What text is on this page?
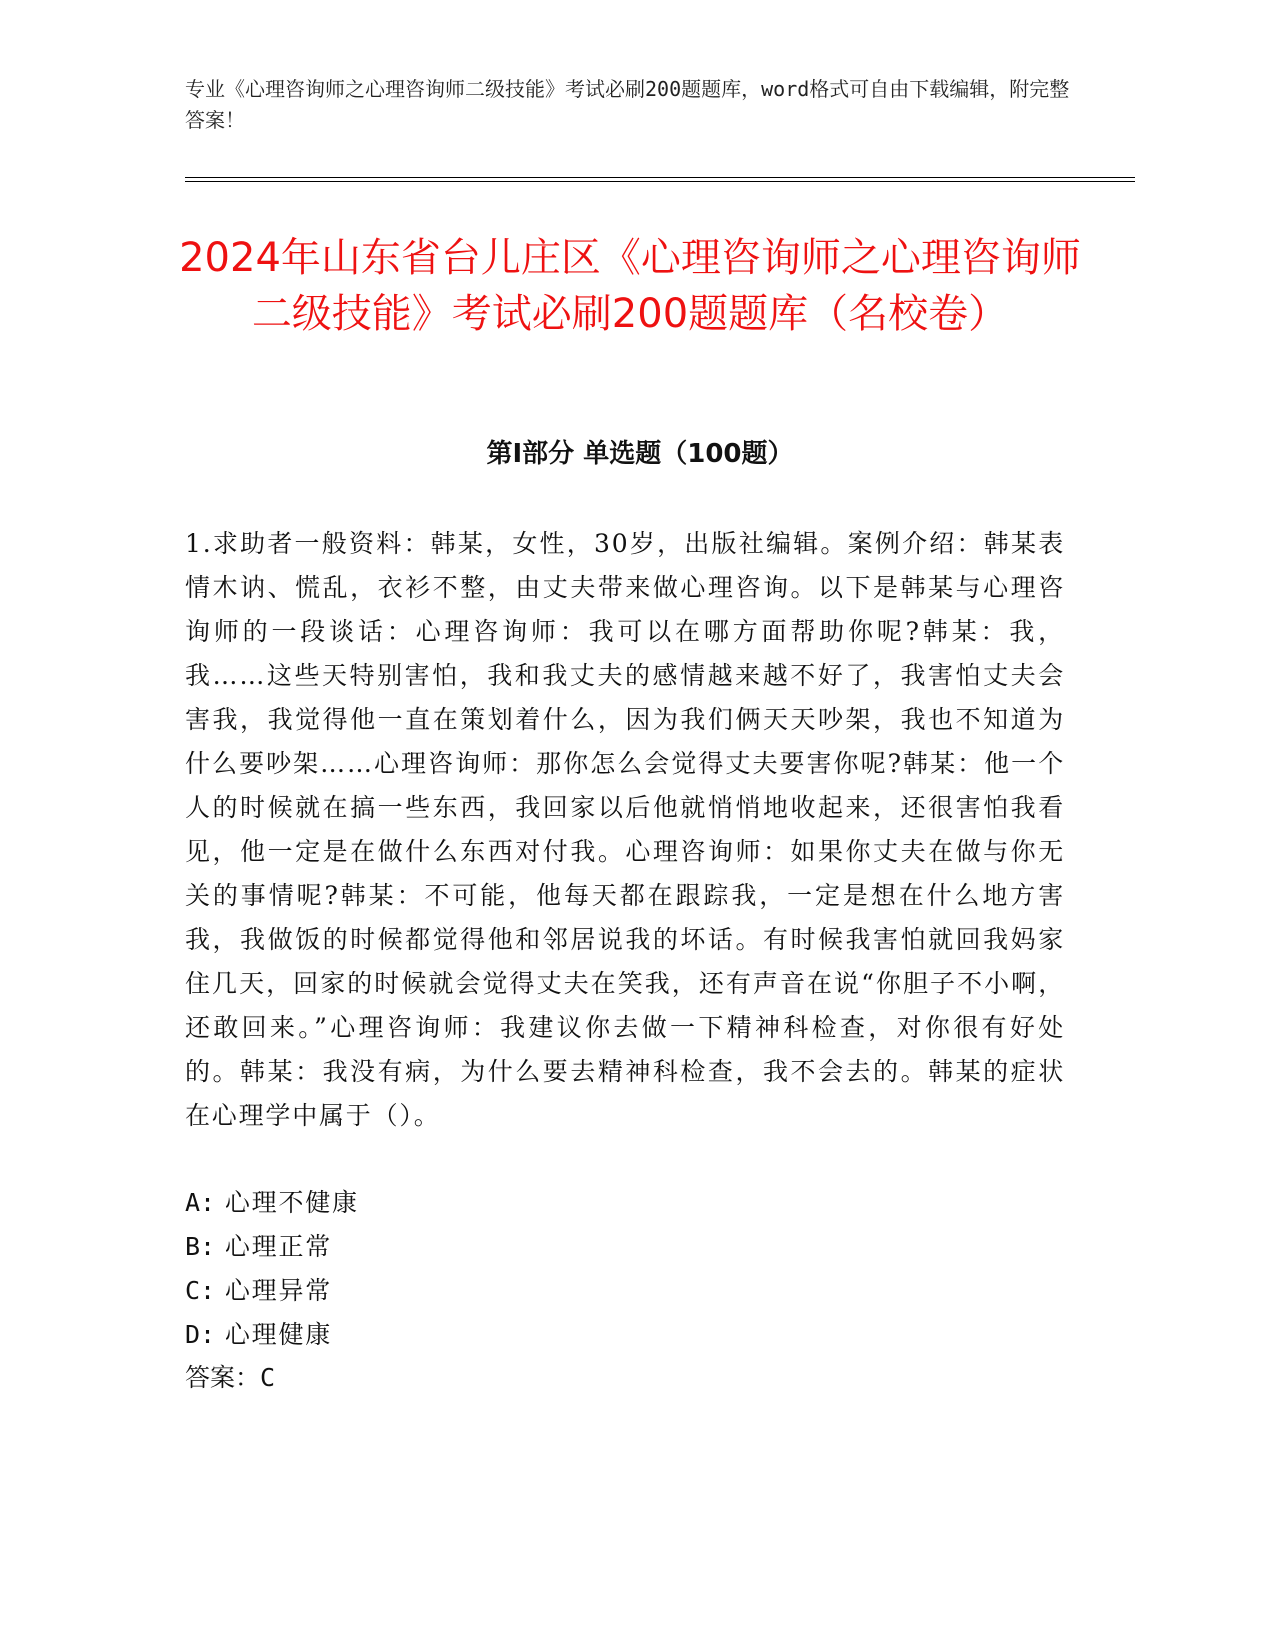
专业《心理咨询师之心理咨询师二级技能》考试必刷200题题库，word格式可自由下载编辑，附完整答案！
2024年山东省台儿庄区《心理咨询师之心理咨询师二级技能》考试必刷200题题库（名校卷）
第Ⅰ部分 单选题（100题）

1.求助者一般资料：韩某，女性，30岁，出版社编辑。案例介绍：韩某表情木讷、慌乱，衣衫不整，由丈夫带来做心理咨询。以下是韩某与心理咨询师的一段谈话：心理咨询师：我可以在哪方面帮助你呢?韩某：我，我……这些天特别害怕，我和我丈夫的感情越来越不好了，我害怕丈夫会害我，我觉得他一直在策划着什么，因为我们俩天天吵架，我也不知道为什么要吵架……心理咨询师：那你怎么会觉得丈夫要害你呢?韩某：他一个人的时候就在搞一些东西，我回家以后他就悄悄地收起来，还很害怕我看见，他一定是在做什么东西对付我。心理咨询师：如果你丈夫在做与你无关的事情呢?韩某：不可能，他每天都在跟踪我，一定是想在什么地方害我，我做饭的时候都觉得他和邻居说我的坏话。有时候我害怕就回我妈家住几天，回家的时候就会觉得丈夫在笑我，还有声音在说“你胆子不小啊，还敢回来。”心理咨询师：我建议你去做一下精神科检查，对你很有好处的。韩某：我没有病，为什么要去精神科检查，我不会去的。韩某的症状在心理学中属于（）。

A: 心理不健康
B: 心理正常
C: 心理异常
D: 心理健康
答案：C
